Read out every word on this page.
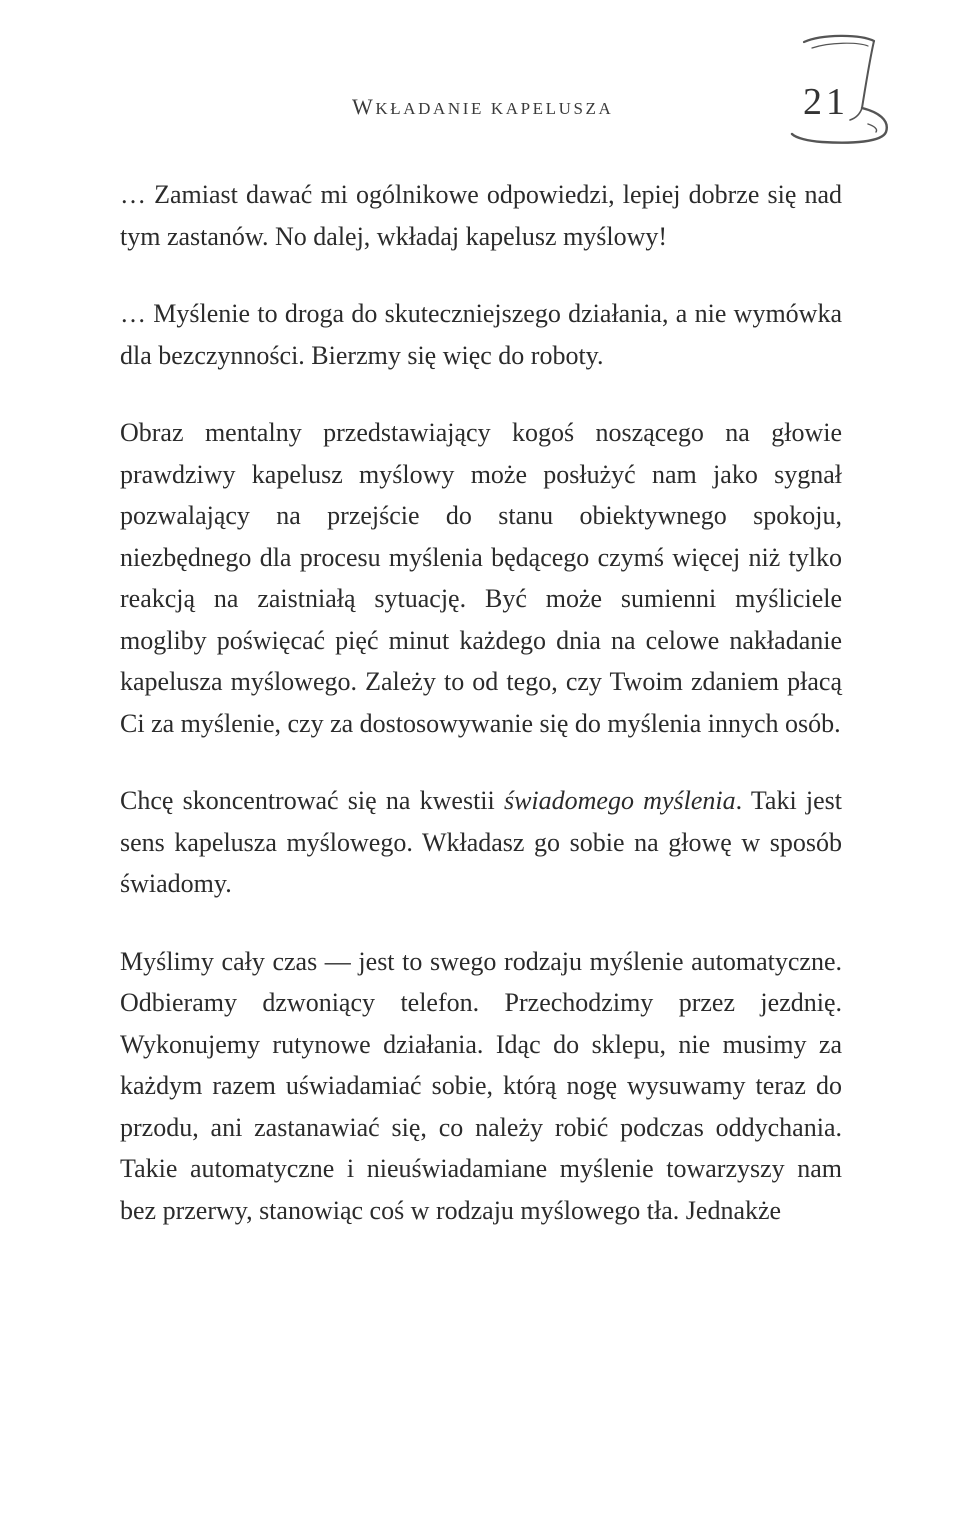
WKŁADANIE KAPELUSZA	21

… Zamiast dawać mi ogólnikowe odpowiedzi, lepiej dobrze się nad tym zastanów. No dalej, wkładaj kapelusz myślowy!

… Myślenie to droga do skuteczniejszego działania, a nie wymówka dla bezczynności. Bierzmy się więc do roboty.

Obraz mentalny przedstawiający kogoś noszącego na głowie prawdziwy kapelusz myślowy może posłużyć nam jako sygnał pozwalający na przejście do stanu obiektywnego spokoju, niezbędnego dla procesu myślenia będącego czymś więcej niż tylko reakcją na zaistniałą sytuację. Być może sumienni myśliciele mogliby poświęcać pięć minut każdego dnia na celowe nakładanie kapelusza myślowego. Zależy to od tego, czy Twoim zdaniem płacą Ci za myślenie, czy za dostosowywanie się do myślenia innych osób.

Chcę skoncentrować się na kwestii świadomego myślenia. Taki jest sens kapelusza myślowego. Wkładasz go sobie na głowę w sposób świadomy.

Myślimy cały czas — jest to swego rodzaju myślenie automatyczne. Odbieramy dzwoniący telefon. Przechodzimy przez jezdnię. Wykonujemy rutynowe działania. Idąc do sklepu, nie musimy za każdym razem uświadamiać sobie, którą nogę wysuwamy teraz do przodu, ani zastanawiać się, co należy robić podczas oddychania. Takie automatyczne i nieuświadamiane myślenie towarzyszy nam bez przerwy, stanowiąc coś w rodzaju myślowego tła. Jednakże
